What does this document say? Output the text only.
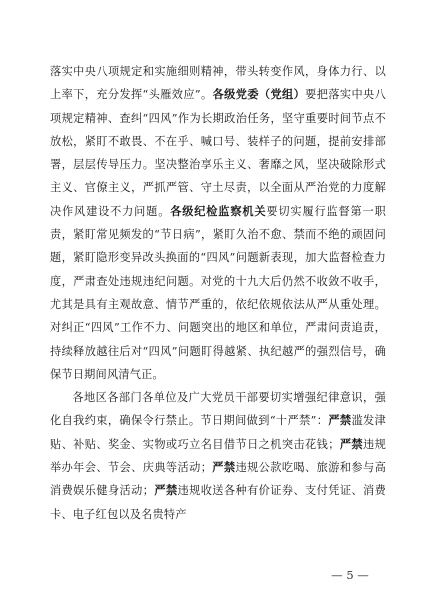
落实中央八项规定和实施细则精神，带头转变作风，身体力行、以上率下，充分发挥“头雁效应”。各级党委（党组）要把落实中央八项规定精神、查纠“四风”作为长期政治任务，坚守重要时间节点不放松，紧盯不敢畏、不在乎、喊口号、装样子的问题，提前安排部署，层层传导压力。坚决整治享乐主义、奢靡之风，坚决破除形式主义、官僚主义，严抓严管、守土尽责，以全面从严治党的力度解决作风建设不力问题。各级纪检监察机关要切实履行监督第一职责，紧盯常见频发的“节日病”，紧盯久治不愈、禁而不绝的顽固问题，紧盯隐形变异改头换面的“四风”问题新表现，加大监督检查力度，严肃查处违规违纪问题。对党的十九大后仍然不收敛不收手，尤其是具有主观故意、情节严重的，依纪依规依法从严从重处理。对纠正“四风”工作不力、问题突出的地区和单位，严肃问责追责，持续释放越往后对“四风”问题盯得越紧、执纪越严的强烈信号，确保节日期间风清气正。

各地区各部门各单位及广大党员干部要切实增强纪律意识，强化自我约束，确保令行禁止。节日期间做到“十严禁”：严禁滥发津贴、补贴、奖金、实物或巧立名目借节日之机突击花钱；严禁违规举办年会、节会、庆典等活动；严禁违规公款吃喝、旅游和参与高消费娱乐健身活动；严禁违规收送各种有价证券、支付凭证、消费卡、电子红包以及名贵特产

— 5 —
